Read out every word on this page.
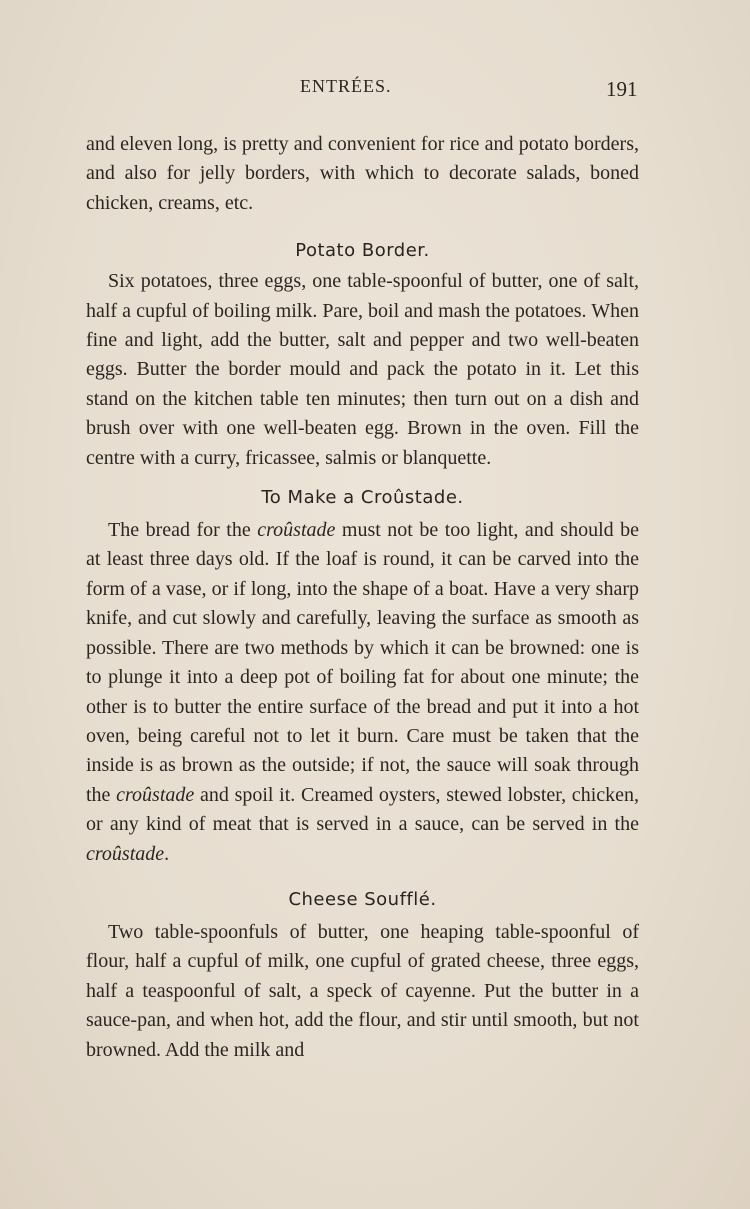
ENTRÉES.	191

and eleven long, is pretty and convenient for rice and potato borders, and also for jelly borders, with which to decorate salads, boned chicken, creams, etc.

Potato Border.

Six potatoes, three eggs, one table-spoonful of butter, one of salt, half a cupful of boiling milk. Pare, boil and mash the potatoes. When fine and light, add the butter, salt and pepper and two well-beaten eggs. Butter the border mould and pack the potato in it. Let this stand on the kitchen table ten minutes; then turn out on a dish and brush over with one well-beaten egg. Brown in the oven. Fill the centre with a curry, fricassee, salmis or blanquette.

To Make a Croûstade.

The bread for the croûstade must not be too light, and should be at least three days old. If the loaf is round, it can be carved into the form of a vase, or if long, into the shape of a boat. Have a very sharp knife, and cut slowly and carefully, leaving the surface as smooth as possible. There are two methods by which it can be browned: one is to plunge it into a deep pot of boiling fat for about one minute; the other is to butter the entire surface of the bread and put it into a hot oven, being careful not to let it burn. Care must be taken that the inside is as brown as the outside; if not, the sauce will soak through the croûstade and spoil it. Creamed oysters, stewed lobster, chicken, or any kind of meat that is served in a sauce, can be served in the croûstade.

Cheese Soufflé.

Two table-spoonfuls of butter, one heaping table-spoonful of flour, half a cupful of milk, one cupful of grated cheese, three eggs, half a teaspoonful of salt, a speck of cayenne. Put the butter in a sauce-pan, and when hot, add the flour, and stir until smooth, but not browned. Add the milk and
